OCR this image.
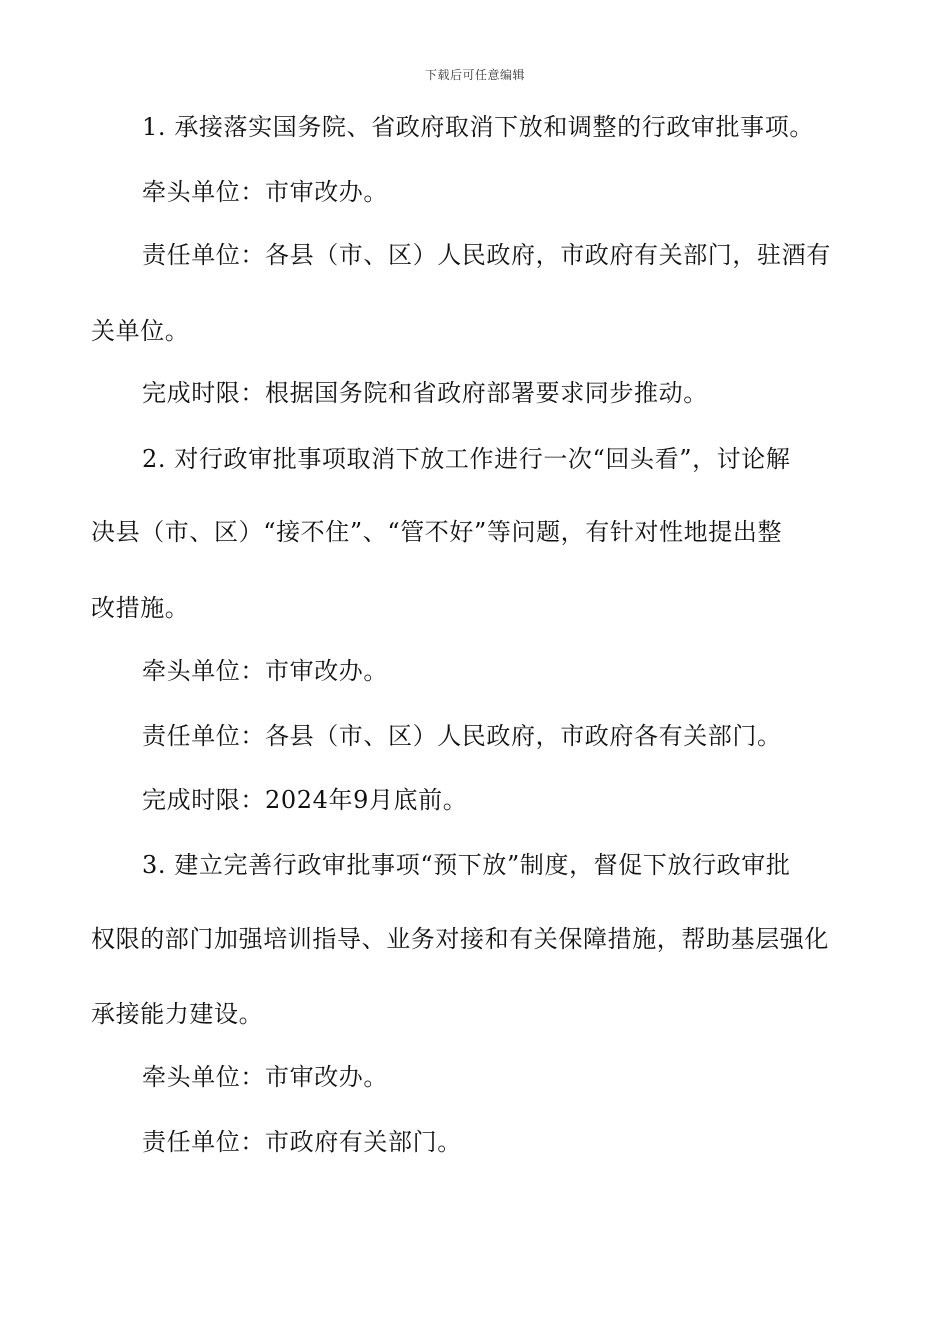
下载后可任意编辑
1. 承接落实国务院、省政府取消下放和调整的行政审批事项。
牵头单位：市审改办。
责任单位：各县（市、区）人民政府，市政府有关部门，驻酒有
关单位。
完成时限：根据国务院和省政府部署要求同步推动。
2. 对行政审批事项取消下放工作进行一次“回头看”，讨论解
决县（市、区）“接不住”、“管不好”等问题，有针对性地提出整
改措施。
牵头单位：市审改办。
责任单位：各县（市、区）人民政府，市政府各有关部门。
完成时限：2024年9月底前。
3. 建立完善行政审批事项“预下放”制度，督促下放行政审批
权限的部门加强培训指导、业务对接和有关保障措施，帮助基层强化
承接能力建设。
牵头单位：市审改办。
责任单位：市政府有关部门。
